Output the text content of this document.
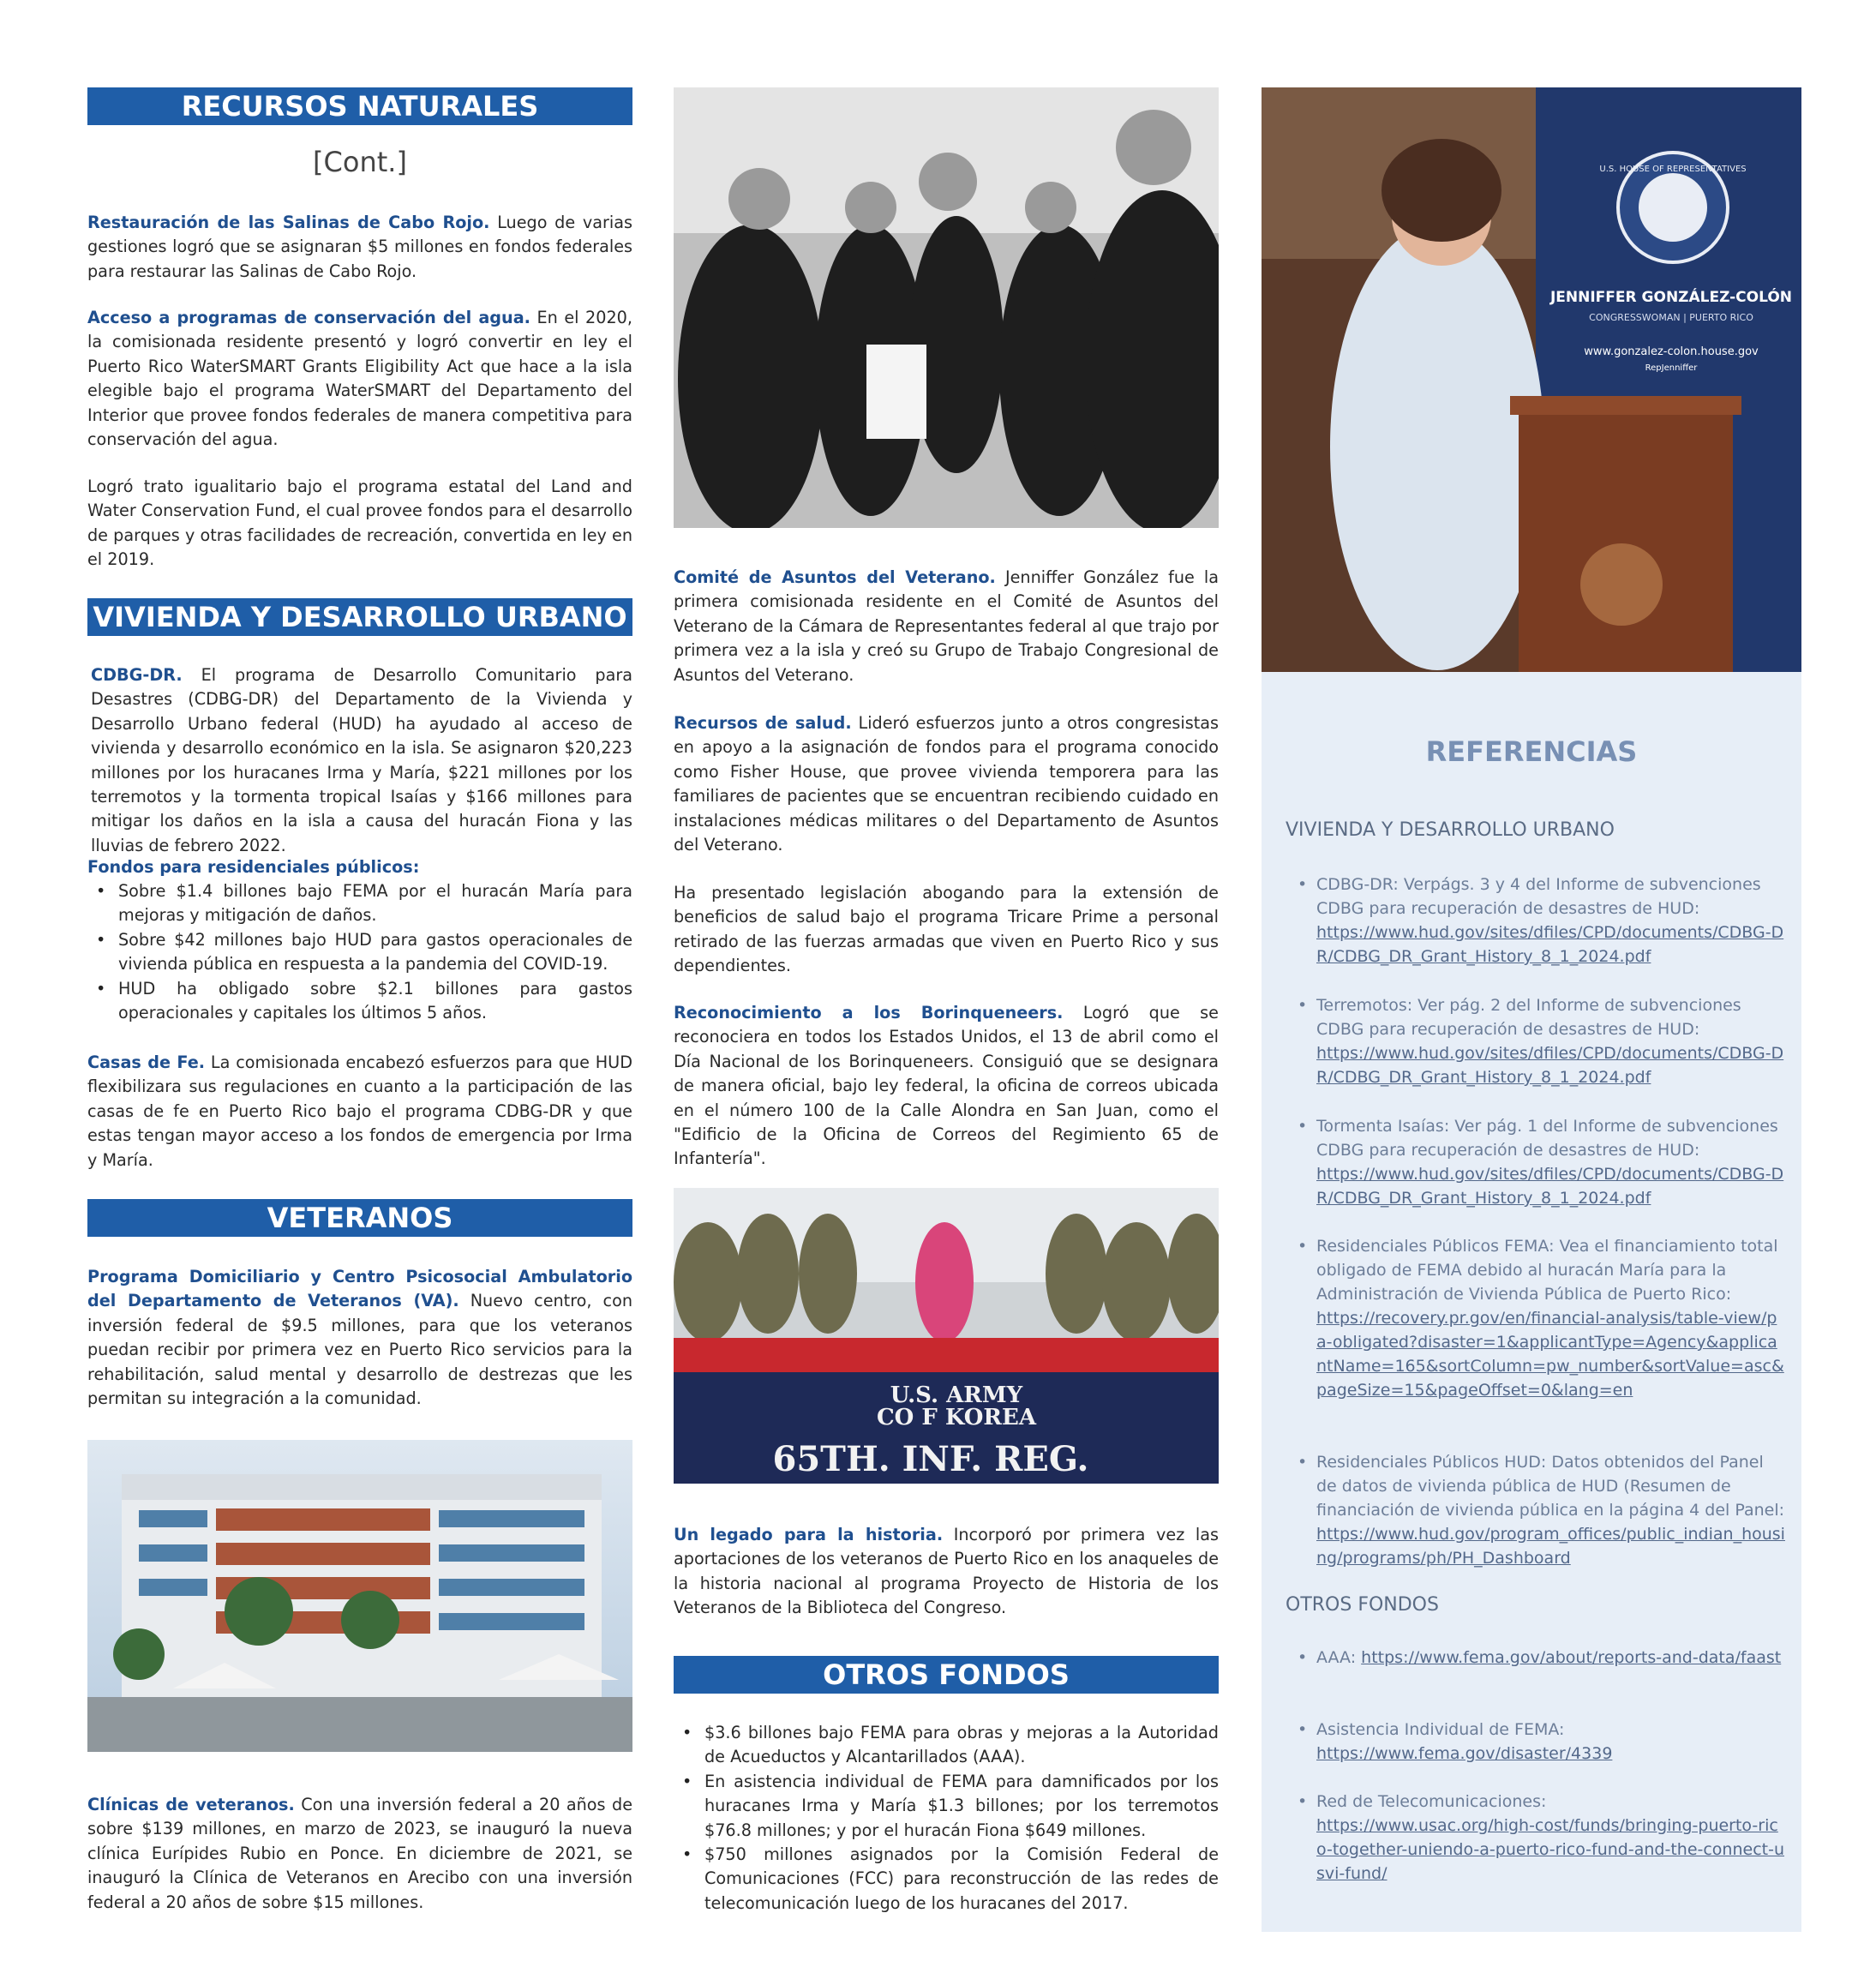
RECURSOS NATURALES
[Cont.]

Restauración de las Salinas de Cabo Rojo. Luego de varias gestiones logró que se asignaran $5 millones en fondos federales para restaurar las Salinas de Cabo Rojo.

Acceso a programas de conservación del agua. En el 2020, la comisionada residente presentó y logró convertir en ley el Puerto Rico WaterSMART Grants Eligibility Act que hace a la isla elegible bajo el programa WaterSMART del Departamento del Interior que provee fondos federales de manera competitiva para conservación del agua.

Logró trato igualitario bajo el programa estatal del Land and Water Conservation Fund, el cual provee fondos para el desarrollo de parques y otras facilidades de recreación, convertida en ley en el 2019.

VIVIENDA Y DESARROLLO URBANO

CDBG-DR. El programa de Desarrollo Comunitario para Desastres (CDBG-DR) del Departamento de la Vivienda y Desarrollo Urbano federal (HUD) ha ayudado al acceso de vivienda y desarrollo económico en la isla. Se asignaron $20,223 millones por los huracanes Irma y María, $221 millones por los terremotos y la tormenta tropical Isaías y $166 millones para mitigar los daños en la isla a causa del huracán Fiona y las lluvias de febrero 2022.

Fondos para residenciales públicos:
• Sobre $1.4 billones bajo FEMA por el huracán María para mejoras y mitigación de daños.
• Sobre $42 millones bajo HUD para gastos operacionales de vivienda pública en respuesta a la pandemia del COVID-19.
• HUD ha obligado sobre $2.1 billones para gastos operacionales y capitales los últimos 5 años.

Casas de Fe. La comisionada encabezó esfuerzos para que HUD flexibilizara sus regulaciones en cuanto a la participación de las casas de fe en Puerto Rico bajo el programa CDBG-DR y que estas tengan mayor acceso a los fondos de emergencia por Irma y María.

VETERANOS

Programa Domiciliario y Centro Psicosocial Ambulatorio del Departamento de Veteranos (VA). Nuevo centro, con inversión federal de $9.5 millones, para que los veteranos puedan recibir por primera vez en Puerto Rico servicios para la rehabilitación, salud mental y desarrollo de destrezas que les permitan su integración a la comunidad.

Clínicas de veteranos. Con una inversión federal a 20 años de sobre $139 millones, en marzo de 2023, se inauguró la nueva clínica Eurípides Rubio en Ponce. En diciembre de 2021, se inauguró la Clínica de Veteranos en Arecibo con una inversión federal a 20 años de sobre $15 millones.

Comité de Asuntos del Veterano. Jenniffer González fue la primera comisionada residente en el Comité de Asuntos del Veterano de la Cámara de Representantes federal al que trajo por primera vez a la isla y creó su Grupo de Trabajo Congresional de Asuntos del Veterano.

Recursos de salud. Lideró esfuerzos junto a otros congresistas en apoyo a la asignación de fondos para el programa conocido como Fisher House, que provee vivienda temporera para las familiares de pacientes que se encuentran recibiendo cuidado en instalaciones médicas militares o del Departamento de Asuntos del Veterano.

Ha presentado legislación abogando para la extensión de beneficios de salud bajo el programa Tricare Prime a personal retirado de las fuerzas armadas que viven en Puerto Rico y sus dependientes.

Reconocimiento a los Borinqueneers. Logró que se reconociera en todos los Estados Unidos, el 13 de abril como el Día Nacional de los Borinqueneers. Consiguió que se designara de manera oficial, bajo ley federal, la oficina de correos ubicada en el número 100 de la Calle Alondra en San Juan, como el "Edificio de la Oficina de Correos del Regimiento 65 de Infantería".

U.S. ARMY
CO F KOREA
65TH. INF. REG.

Un legado para la historia. Incorporó por primera vez las aportaciones de los veteranos de Puerto Rico en los anaqueles de la historia nacional al programa Proyecto de Historia de los Veteranos de la Biblioteca del Congreso.

OTROS FONDOS
• $3.6 billones bajo FEMA para obras y mejoras a la Autoridad de Acueductos y Alcantarillados (AAA).
• En asistencia individual de FEMA para damnificados por los huracanes Irma y María $1.3 billones; por los terremotos $76.8 millones; y por el huracán Fiona $649 millones.
• $750 millones asignados por la Comisión Federal de Comunicaciones (FCC) para reconstrucción de las redes de telecomunicación luego de los huracanes del 2017.
U.S. HOUSE OF REPRESENTATIVES
JENNIFFER GONZÁLEZ-COLÓN
CONGRESSWOMAN | PUERTO RICO
www.gonzalez-colon.house.gov
RepJenniffer
REFERENCIAS
VIVIENDA Y DESARROLLO URBANO
• CDBG-DR: Verpágs. 3 y 4 del Informe de subvenciones CDBG para recuperación de desastres de HUD:
https://www.hud.gov/sites/dfiles/CPD/documents/CDBG-DR/CDBG_DR_Grant_History_8_1_2024.pdf
• Terremotos: Ver pág. 2 del Informe de subvenciones CDBG para recuperación de desastres de HUD:
https://www.hud.gov/sites/dfiles/CPD/documents/CDBG-DR/CDBG_DR_Grant_History_8_1_2024.pdf
• Tormenta Isaías: Ver pág. 1 del Informe de subvenciones CDBG para recuperación de desastres de HUD:
https://www.hud.gov/sites/dfiles/CPD/documents/CDBG-DR/CDBG_DR_Grant_History_8_1_2024.pdf
• Residenciales Públicos FEMA: Vea el financiamiento total obligado de FEMA debido al huracán María para la Administración de Vivienda Pública de Puerto Rico:
https://recovery.pr.gov/en/financial-analysis/table-view/pa-obligated?disaster=1&applicantType=Agency&applicantName=165&sortColumn=pw_number&sortValue=asc&pageSize=15&pageOffset=0&lang=en
• Residenciales Públicos HUD: Datos obtenidos del Panel de datos de vivienda pública de HUD (Resumen de financiación de vivienda pública en la página 4 del Panel:
https://www.hud.gov/program_offices/public_indian_housing/programs/ph/PH_Dashboard
OTROS FONDOS
• AAA: https://www.fema.gov/about/reports-and-data/faast
• Asistencia Individual de FEMA:
https://www.fema.gov/disaster/4339
• Red de Telecomunicaciones:
https://www.usac.org/high-cost/funds/bringing-puerto-rico-together-uniendo-a-puerto-rico-fund-and-the-connect-usvi-fund/
